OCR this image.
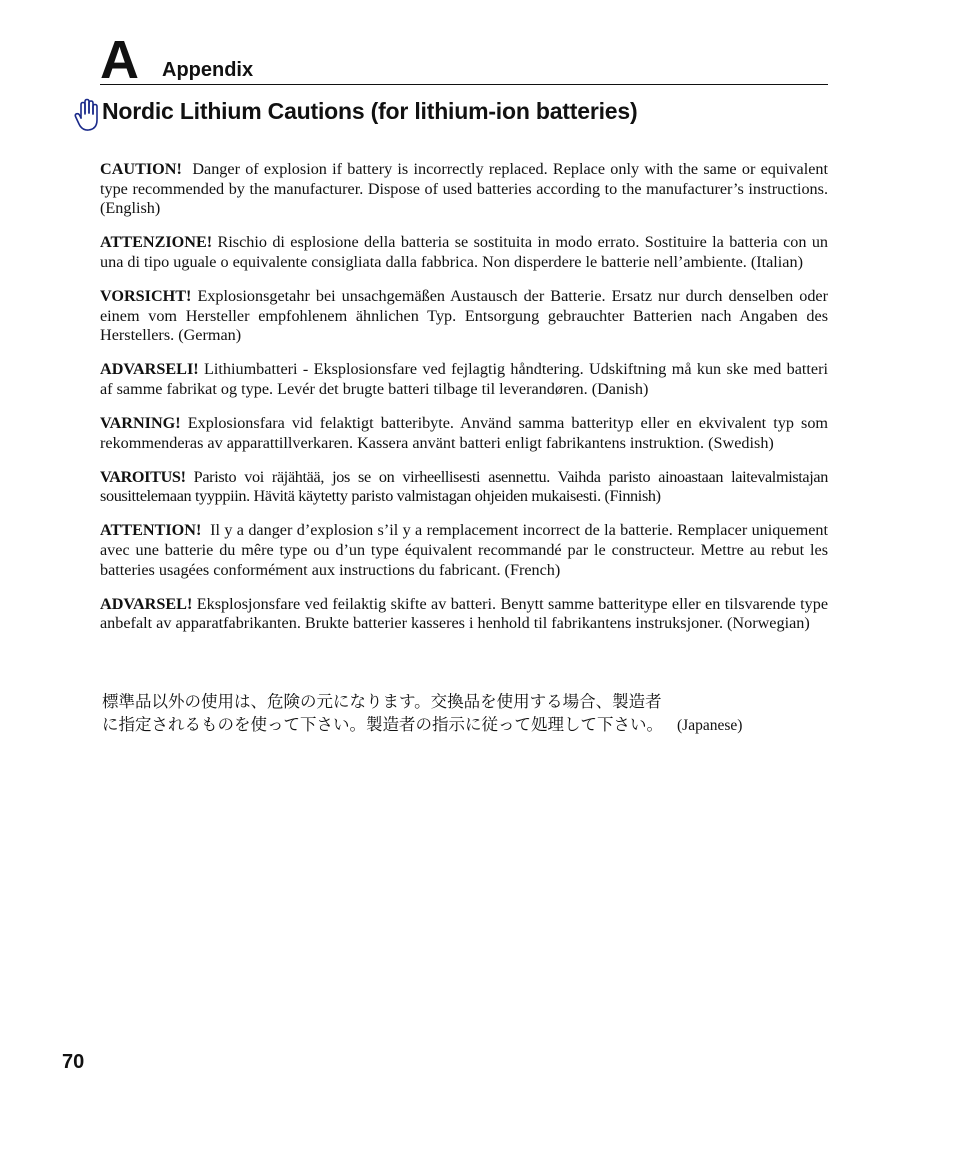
A Appendix
Nordic Lithium Cautions (for lithium-ion batteries)

CAUTION! Danger of explosion if battery is incorrectly replaced. Replace only with the same or equivalent type recommended by the manufacturer. Dispose of used batteries according to the manufacturer’s instructions. (English)

ATTENZIONE! Rischio di esplosione della batteria se sostituita in modo errato. Sostituire la batteria con un una di tipo uguale o equivalente consigliata dalla fabbrica. Non disperdere le batterie nell’ambiente. (Italian)

VORSICHT! Explosionsgetahr bei unsachgemäßen Austausch der Batterie. Ersatz nur durch denselben oder einem vom Hersteller empfohlenem ähnlichen Typ. Entsorgung gebrauchter Batterien nach Angaben des Herstellers. (German)

ADVARSELI! Lithiumbatteri - Eksplosionsfare ved fejlagtig håndtering. Udskiftning må kun ske med batteri af samme fabrikat og type. Levér det brugte batteri tilbage til leverandøren. (Danish)

VARNING! Explosionsfara vid felaktigt batteribyte. Använd samma batterityp eller en ekvivalent typ som rekommenderas av apparattillverkaren. Kassera använt batteri enligt fabrikantens instruktion. (Swedish)

VAROITUS! Paristo voi räjähtää, jos se on virheellisesti asennettu. Vaihda paristo ainoastaan laitevalmistajan sousittelemaan tyyppiin. Hävitä käytetty paristo valmistagan ohjeiden mukaisesti. (Finnish)

ATTENTION! Il y a danger d’explosion s’il y a remplacement incorrect de la batterie. Remplacer uniquement avec une batterie du mêre type ou d’un type équivalent recommandé par le constructeur. Mettre au rebut les batteries usagées conformément aux instructions du fabricant. (French)

ADVARSEL! Eksplosjonsfare ved feilaktig skifte av batteri. Benytt samme batteritype eller en tilsvarende type anbefalt av apparatfabrikanten. Brukte batterier kasseres i henhold til fabrikantens instruksjoner. (Norwegian)

標準品以外の使用は、危険の元になります。交換品を使用する場合、製造者
に指定されるものを使って下さい。製造者の指示に従って処理して下さい。 (Japanese)
70
